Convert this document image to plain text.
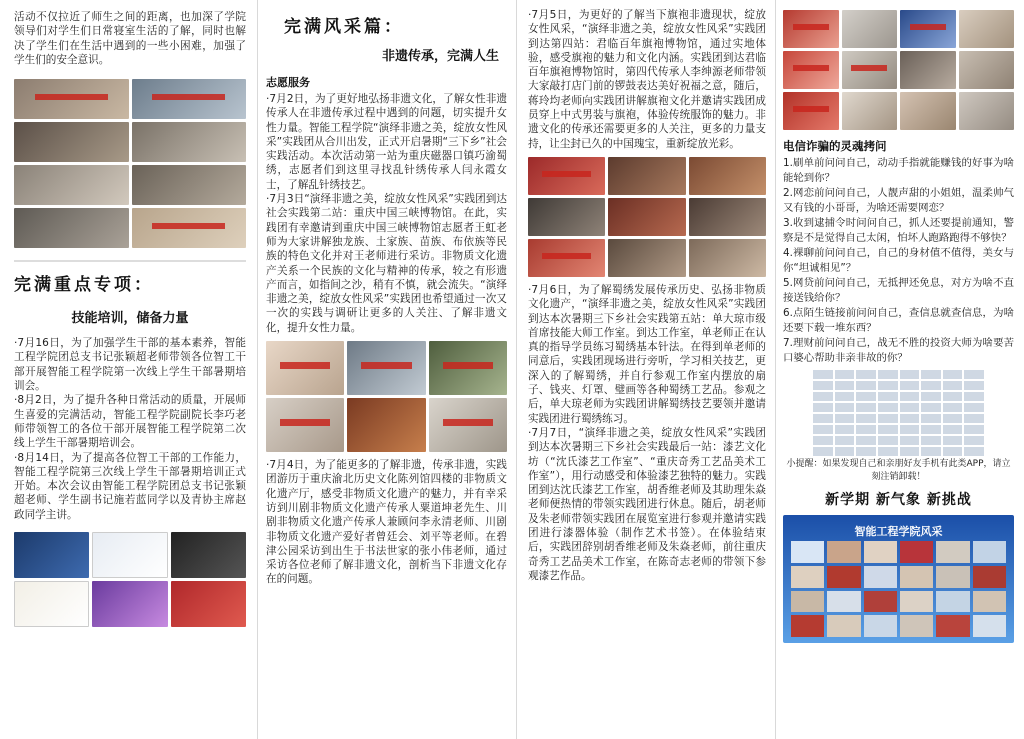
活动不仅拉近了师生之间的距离，也加深了学院领导们对学生们日常寝室生活的了解，同时也解决了学生们在生活中遇到的一些小困难，加强了学生们的安全意识。

完满重点专项：
技能培训，储备力量

·7月16日，为了加强学生干部的基本素养，智能工程学院团总支书记张颖超老师带领各位智工干部开展智能工程学院第一次线上学生干部暑期培训会。

·8月2日，为了提升各种日常活动的质量，开展师生喜爱的完满活动，智能工程学院副院长李巧老师带领智工的各位干部开展智能工程学院第二次线上学生干部暑期培训会。

·8月14日，为了提高各位智工干部的工作能力，智能工程学院第三次线上学生干部暑期培训正式开始。本次会议由智能工程学院团总支书记张颖超老师、学生副书记施若蓝同学以及青协主席赵政同学主讲。

完满风采篇：
非遗传承，完满人生
志愿服务

·7月2日，为了更好地弘扬非遗文化，了解女性非遗传承人在非遗传承过程中遇到的问题，切实提升女性力量。智能工程学院“演绎非遗之美，绽放女性风采”实践团从合川出发，正式开启暑期“三下乡”社会实践活动。本次活动第一站为重庆磁器口镇巧渝蜀绣，志愿者们到这里寻找乱针绣传承人闫永霞女士，了解乱针绣技艺。

·7月3日“演绎非遗之美，绽放女性风采”实践团到达社会实践第二站：重庆中国三峡博物馆。在此，实践团有幸邀请到重庆中国三峡博物馆志愿者王虹老师为大家讲解独龙族、土家族、苗族、布依族等民族的特色文化并对王老师进行采访。非物质文化遗产关系一个民族的文化与精神的传承，较之有形遗产而言，如指间之沙，稍有不慎，就会流失。“演绎非遗之美，绽放女性风采”实践团也希望通过一次又一次的实践与调研让更多的人关注、了解非遗文化，提升女性力量。

·7月4日，为了能更多的了解非遗，传承非遗，实践团游历于重庆渝北历史文化陈列馆四楼的非物质文化遗产厅，感受非物质文化遗产的魅力，并有幸采访到川剧非物质文化遗产传承人粟道坤老先生、川剧非物质文化遗产传承人兼顾问李永清老师、川剧非物质文化遗产爱好者曾廷会、刘平等老师。在碧津公园采访到出生于书法世家的张小伟老师，通过采访各位老师了解非遗文化，剖析当下非遗文化存在的问题。

·7月5日，为更好的了解当下旗袍非遗现状，绽放女性风采，“演绎非遗之美，绽放女性风采”实践团到达第四站：君临百年旗袍博物馆，通过实地体验，感受旗袍的魅力和文化内涵。实践团到达君临百年旗袍博物馆时，第四代传承人李绅源老师带领大家敲打店门前的锣鼓表达美好祝福之意，随后，蒋玲均老师向实践团讲解旗袍文化并邀请实践团成员穿上中式男装与旗袍，体验传统服饰的魅力。非遗文化的传承还需要更多的人关注，更多的力量支持，让尘封已久的中国瑰宝，重新绽放光彩。

·7月6日，为了解蜀绣发展传承历史、弘扬非物质文化遗产，“演绎非遗之美，绽放女性风采”实践团到达本次暑期三下乡社会实践第五站：单大琼市级首席技能大师工作室。到达工作室，单老师正在认真的指导学员练习蜀绣基本针法。在得到单老师的同意后，实践团现场进行旁听，学习相关技艺，更深入的了解蜀绣，并自行参观工作室内摆放的扇子、钱夹、灯罩、璧画等各种蜀绣工艺品。参观之后，单大琼老师为实践团讲解蜀绣技艺要领并邀请实践团进行蜀绣练习。

·7月7日，“演绎非遗之美，绽放女性风采”实践团到达本次暑期三下乡社会实践最后一站：漆艺文化坊（“沈氏漆艺工作室”、“重庆奇秀工艺品美术工作室”），用行动感受和体验漆艺独特的魅力。实践团到达沈氏漆艺工作室，胡香维老师及其助理朱焱老师便热情的带领实践团进行休息。随后，胡老师及朱老师带领实践团在展览室进行参观并邀请实践团进行漆器体验（制作艺术书签）。在体验结束后，实践团辞别胡香维老师及朱焱老师，前往重庆奇秀工艺品美术工作室，在陈奇志老师的带领下参观漆艺作品。

电信诈骗的灵魂拷问

1.刷单前问问自己，动动手指就能赚钱的好事为啥能轮到你？

2.网恋前问问自己，人靓声甜的小姐姐，温柔帅气又有钱的小哥哥，为啥还需要网恋？

3.收到逮捕令时问问自己，抓人还要提前通知，警察是不是觉得自己太闲，怕坏人跑路跑得不够快？

4.裸聊前问问自己，自己的身材值不值得，美女与你“坦诚相见”？

5.网贷前问问自己，无抵押还免息，对方为啥不直接送钱给你？

6.点陌生链接前问问自己，查信息就查信息，为啥还要下载一堆东西？

7.理财前问问自己，战无不胜的投资大师为啥要苦口婆心帮助非亲非故的你？

小提醒：如果发现自己和亲朋好友手机有此类APP，请立刻注销卸载！

新学期 新气象 新挑战
智能工程学院风采
